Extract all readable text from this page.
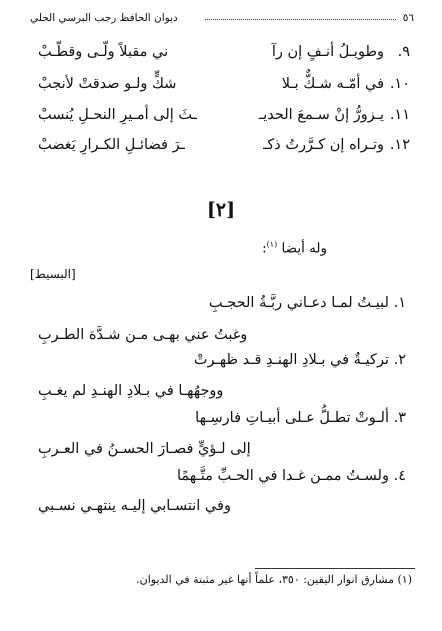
٥٦
ديوان الحافظ رجب البرسي الحلي
٩.
وطويـلُ أنـفٍ إن رآ
ني مقبلاً ولّـى وقطّـبْ
١٠.
في أمّـه شـكٌّ بـلا
شكٍّ ولـو صدقتْ لأنجبْ
١١.
يـزورُّ إنْ سـمعَ الحديـ
ـثَ إلى أمـيرِ النحـلِ يُنسبْ
١٢.
وتـراه إن كـرَّرتُ ذكـ
ـرَ فضائـلِ الكـرارِ يَغضبْ
[٢]
وله أيضا $^{(١)}$:
[البسيط]
١. لبيـتُ لمـا دعـاني ربَّـةُ الحجـبِ
وغبتُ عني بهـى مـن شـدَّة الطـربِ
٢. تركيـةٌ في بـلادِ الهنـدِ قـد ظهـرتْ
ووجهُهـا في بـلادِ الهنـدِ لم يغـبِ
٣. ألـوتْ تطـلُّ عـلى أبيـاتِ فارسِـها
إلى لـؤيٍّ فصـارَ الحسـنُ في العـربِ
٤. ولسـتُ ممـن غـدا في الحـبِّ متَّـهمًا
وفي انتسـابي إليـه ينتهـي نسـبي
(١) مشارق انوار اليقين: ٣٥٠، علماً أنها غير مثبتة في الديوان.
